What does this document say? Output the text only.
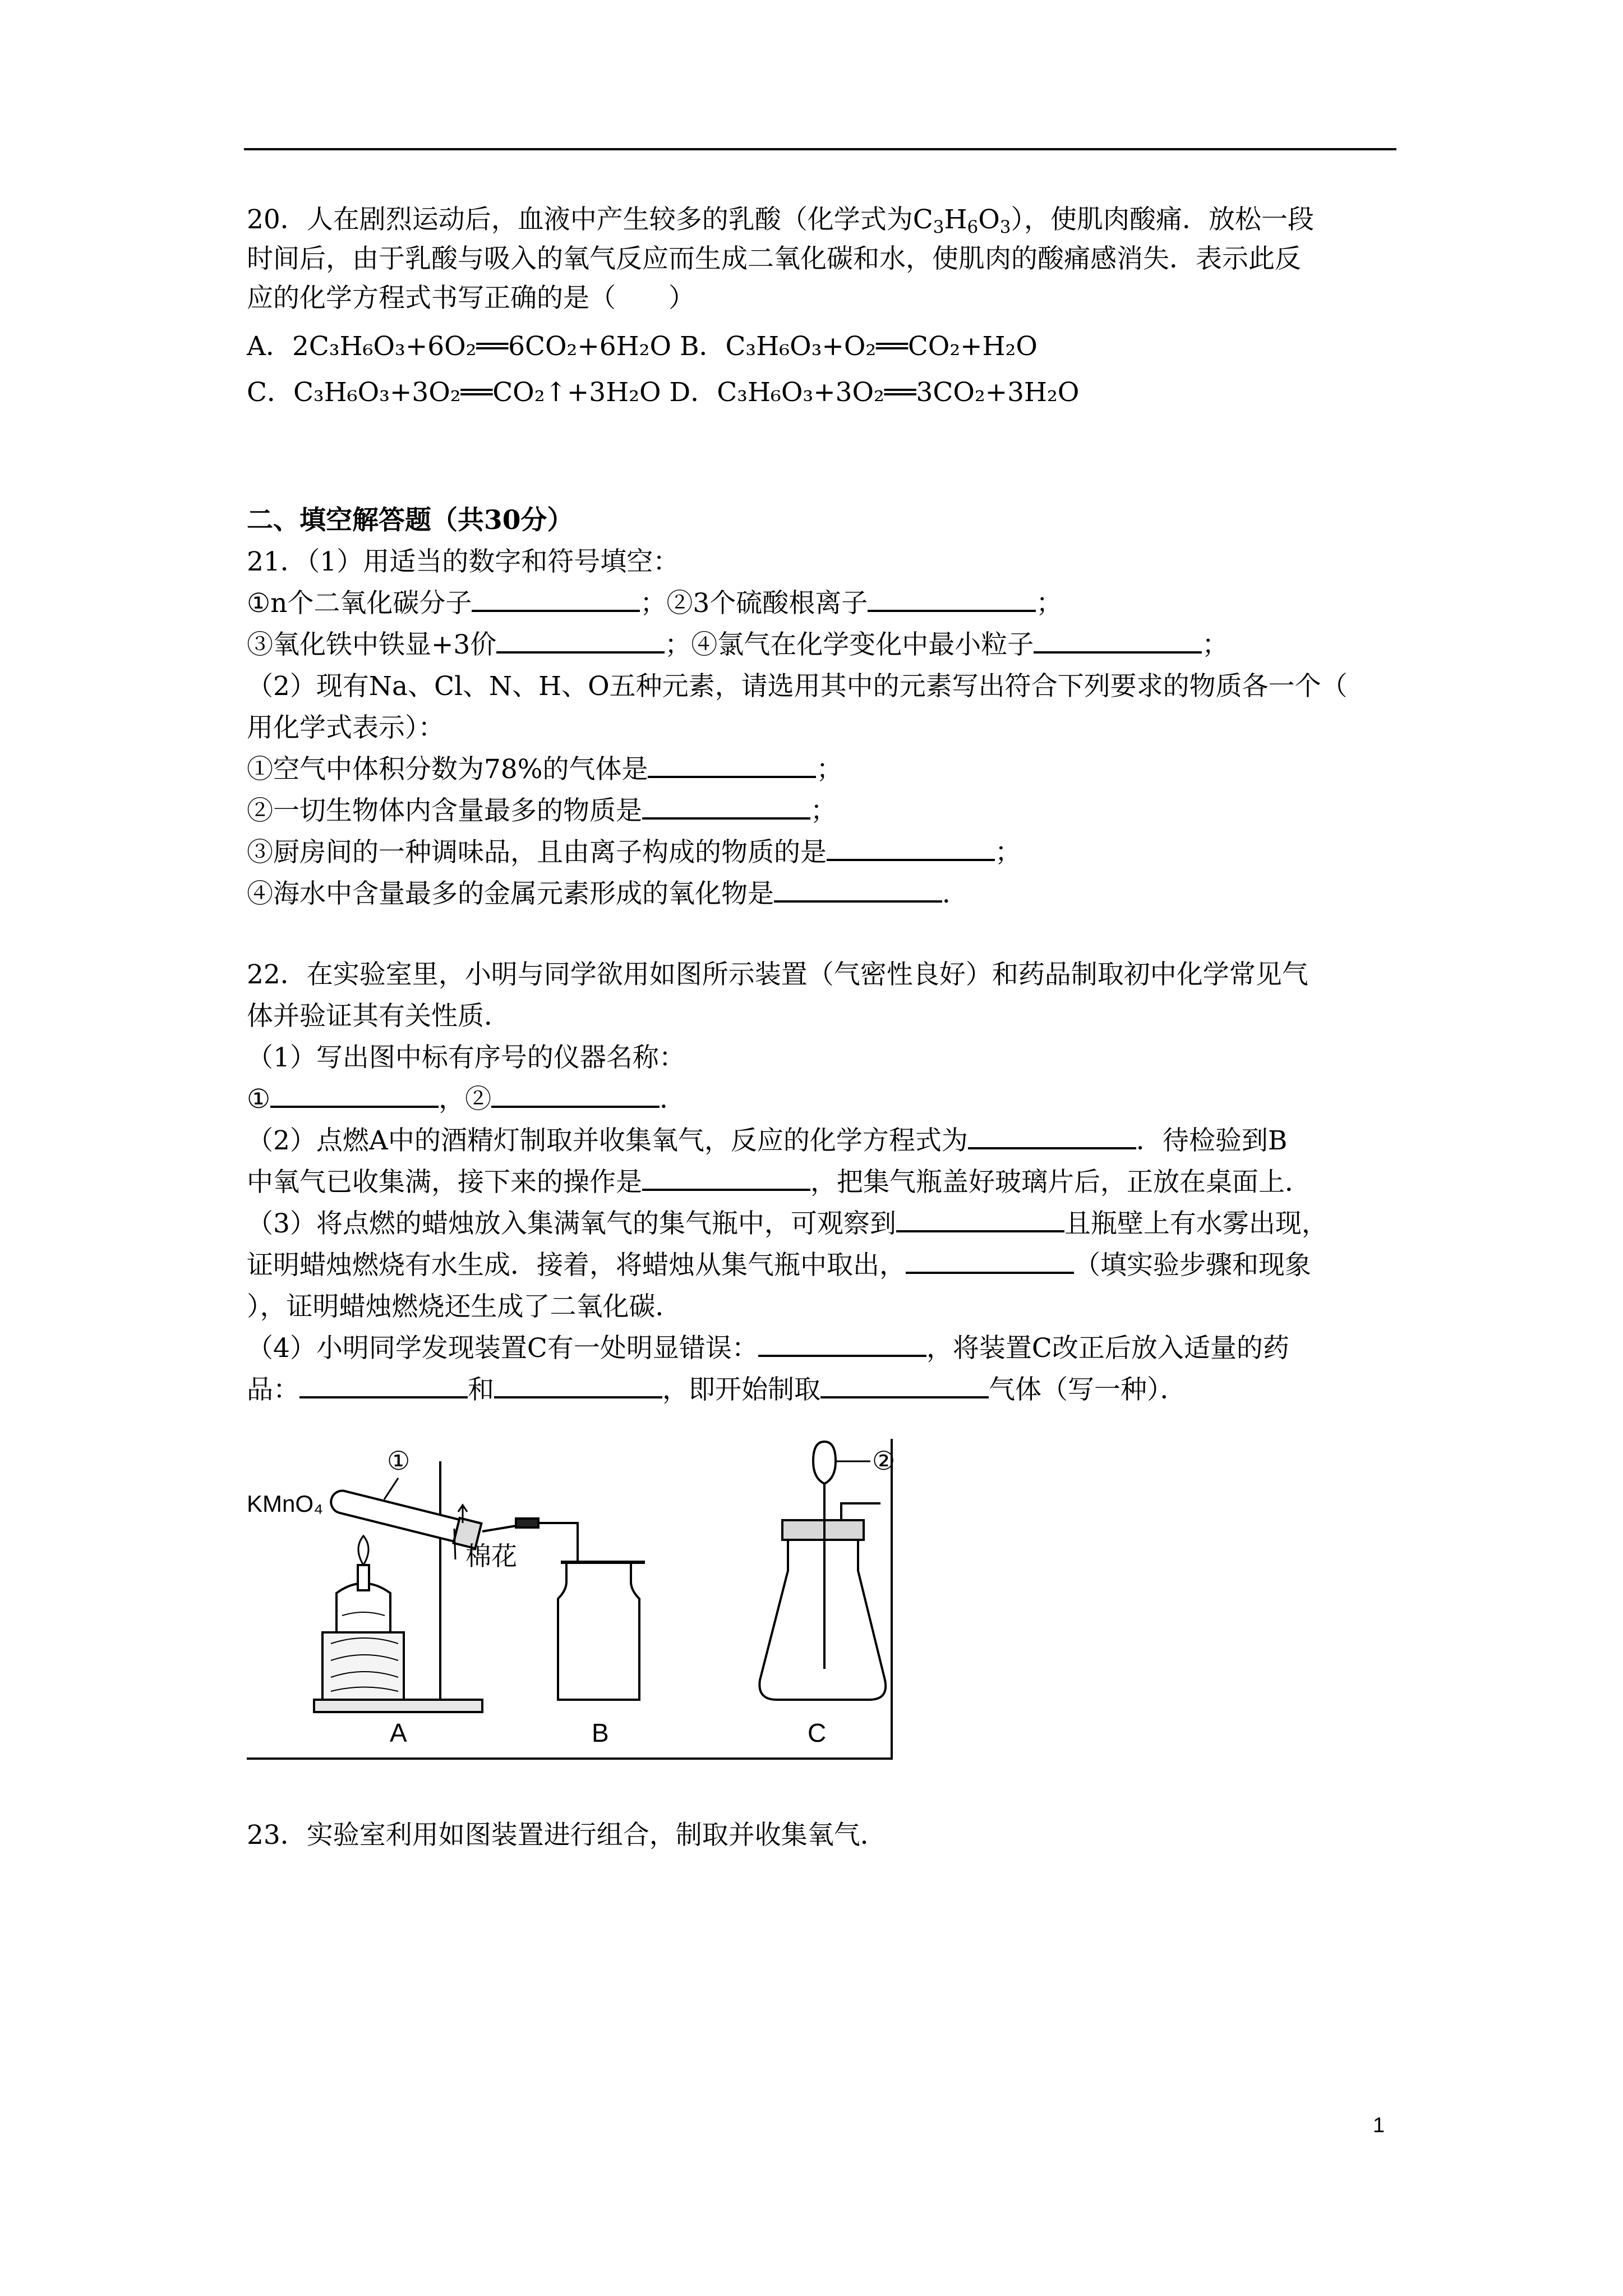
20．人在剧烈运动后，血液中产生较多的乳酸（化学式为$C_3H_6O_3$），使肌肉酸痛．放松一段
时间后，由于乳酸与吸入的氧气反应而生成二氧化碳和水，使肌肉的酸痛感消失．表示此反
应的化学方程式书写正确的是（　　）
A．2C₃H₆O₃+6O₂══6CO₂+6H₂O B．C₃H₆O₃+O₂══CO₂+H₂O
C．C₃H₆O₃+3O₂══CO₂↑+3H₂O D．C₃H₆O₃+3O₂══3CO₂+3H₂O
二、填空解答题（共30分）
21．（1）用适当的数字和符号填空：
①n个二氧化碳分子	；②3个硫酸根离子	；
③氧化铁中铁显+3价	；④氯气在化学变化中最小粒子	；
（2）现有Na、Cl、N、H、O五种元素，请选用其中的元素写出符合下列要求的物质各一个（
用化学式表示）：
①空气中体积分数为78%的气体是	；
②一切生物体内含量最多的物质是	；
③厨房间的一种调味品，且由离子构成的物质的是	；
④海水中含量最多的金属元素形成的氧化物是	．
22．在实验室里，小明与同学欲用如图所示装置（气密性良好）和药品制取初中化学常见气
体并验证其有关性质．
（1）写出图中标有序号的仪器名称：
①	，②	．
（2）点燃A中的酒精灯制取并收集氧气，反应的化学方程式为	．待检验到B
中氧气已收集满，接下来的操作是	，把集气瓶盖好玻璃片后，正放在桌面上．
（3）将点燃的蜡烛放入集满氧气的集气瓶中，可观察到	且瓶壁上有水雾出现，
证明蜡烛燃烧有水生成．接着，将蜡烛从集气瓶中取出，	（填实验步骤和现象
），证明蜡烛燃烧还生成了二氧化碳．
（4）小明同学发现装置C有一处明显错误：	，将装置C改正后放入适量的药
品：	和	，即开始制取	气体（写一种）．
KMnO₄
①
棉花
②
A	B	C
23．实验室利用如图装置进行组合，制取并收集氧气．
1
